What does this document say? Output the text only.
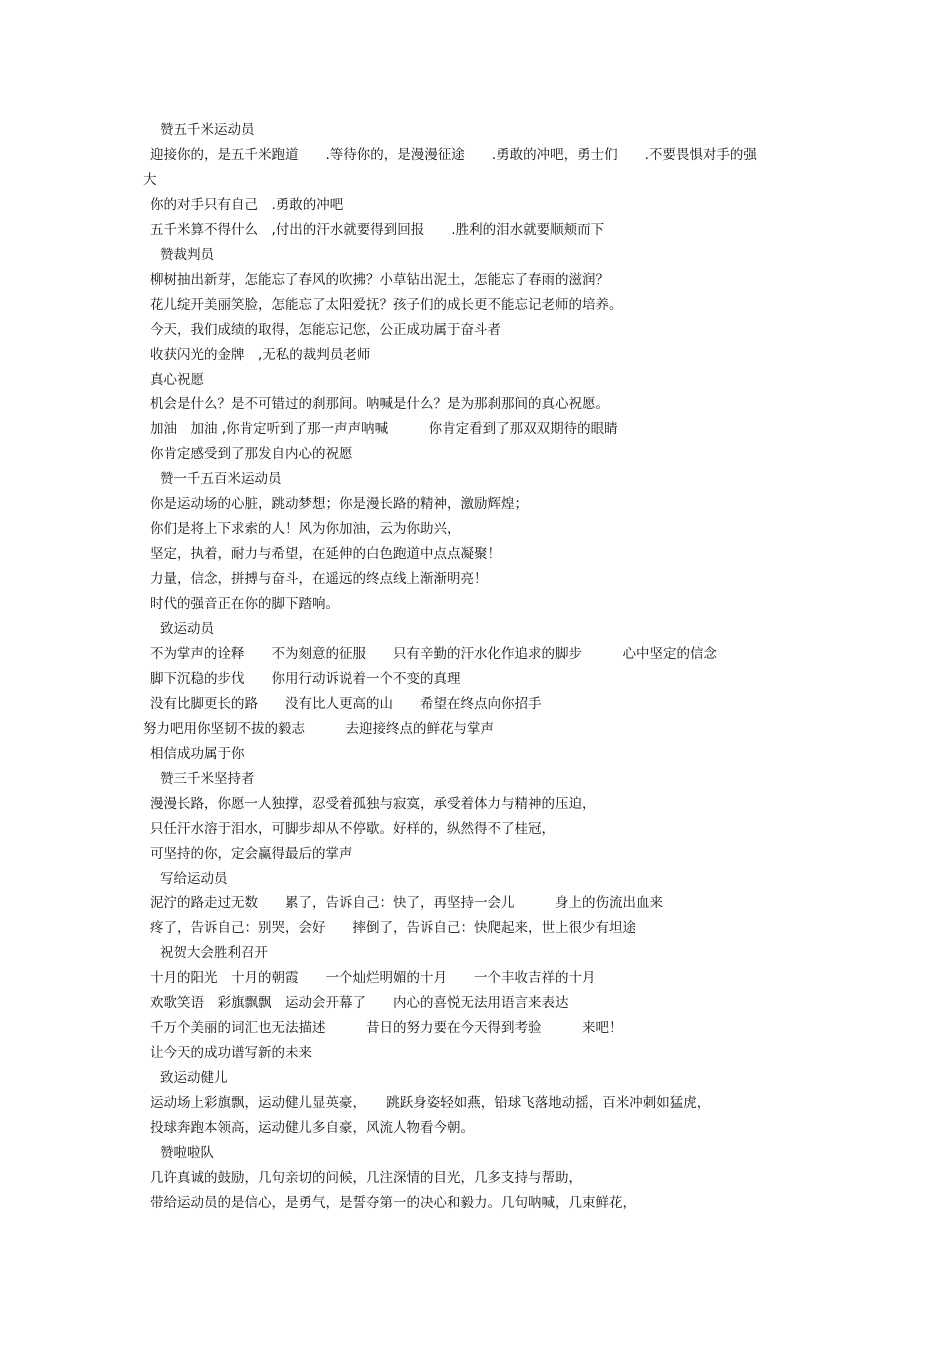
赞五千米运动员
迎接你的，是五千米跑道　　.等待你的，是漫漫征途　　.勇敢的冲吧，勇士们　　.不要畏惧对手的强
大
你的对手只有自己　.勇敢的冲吧
五千米算不得什么　,付出的汗水就要得到回报　　.胜利的泪水就要顺颊而下
赞裁判员
柳树抽出新芽，怎能忘了春风的吹拂？小草钻出泥土，怎能忘了春雨的滋润？
花儿绽开美丽笑脸，怎能忘了太阳爱抚？孩子们的成长更不能忘记老师的培养。
今天，我们成绩的取得，怎能忘记您，公正成功属于奋斗者
收获闪光的金牌　,无私的裁判员老师
真心祝愿
机会是什么？是不可错过的刹那间。呐喊是什么？是为那刹那间的真心祝愿。
加油　加油 ,你肯定听到了那一声声呐喊　　　你肯定看到了那双双期待的眼睛
你肯定感受到了那发自内心的祝愿
赞一千五百米运动员
你是运动场的心脏，跳动梦想；你是漫长路的精神，激励辉煌；
你们是将上下求索的人！风为你加油，云为你助兴，
坚定，执着，耐力与希望，在延伸的白色跑道中点点凝聚！
力量，信念，拼搏与奋斗，在遥远的终点线上渐渐明亮！
时代的强音正在你的脚下踏响。
致运动员
不为掌声的诠释　　不为刻意的征服　　只有辛勤的汗水化作追求的脚步　　　心中坚定的信念
脚下沉稳的步伐　　你用行动诉说着一个不变的真理
没有比脚更长的路　　没有比人更高的山　　希望在终点向你招手
努力吧用你坚韧不拔的毅志　　　去迎接终点的鲜花与掌声
相信成功属于你
赞三千米坚持者
漫漫长路，你愿一人独撑，忍受着孤独与寂寞，承受着体力与精神的压迫，
只任汗水溶于泪水，可脚步却从不停歇。好样的，纵然得不了桂冠，
可坚持的你，定会赢得最后的掌声
写给运动员
泥泞的路走过无数　　累了，告诉自己：快了，再坚持一会儿　　　身上的伤流出血来
疼了，告诉自己：别哭，会好　　摔倒了，告诉自己：快爬起来，世上很少有坦途
祝贺大会胜利召开
十月的阳光　十月的朝霞　　一个灿烂明媚的十月　　一个丰收吉祥的十月
欢歌笑语　彩旗飘飘　运动会开幕了　　内心的喜悦无法用语言来表达
千万个美丽的词汇也无法描述　　　昔日的努力要在今天得到考验　　　来吧！
让今天的成功谱写新的未来
致运动健儿
运动场上彩旗飘，运动健儿显英豪，　　跳跃身姿轻如燕，铅球飞落地动摇，百米冲刺如猛虎，
投球奔跑本领高，运动健儿多自豪，风流人物看今朝。
赞啦啦队
几许真诚的鼓励，几句亲切的问候，几注深情的目光，几多支持与帮助，
带给运动员的是信心，是勇气，是誓夺第一的决心和毅力。几句呐喊，几束鲜花，
